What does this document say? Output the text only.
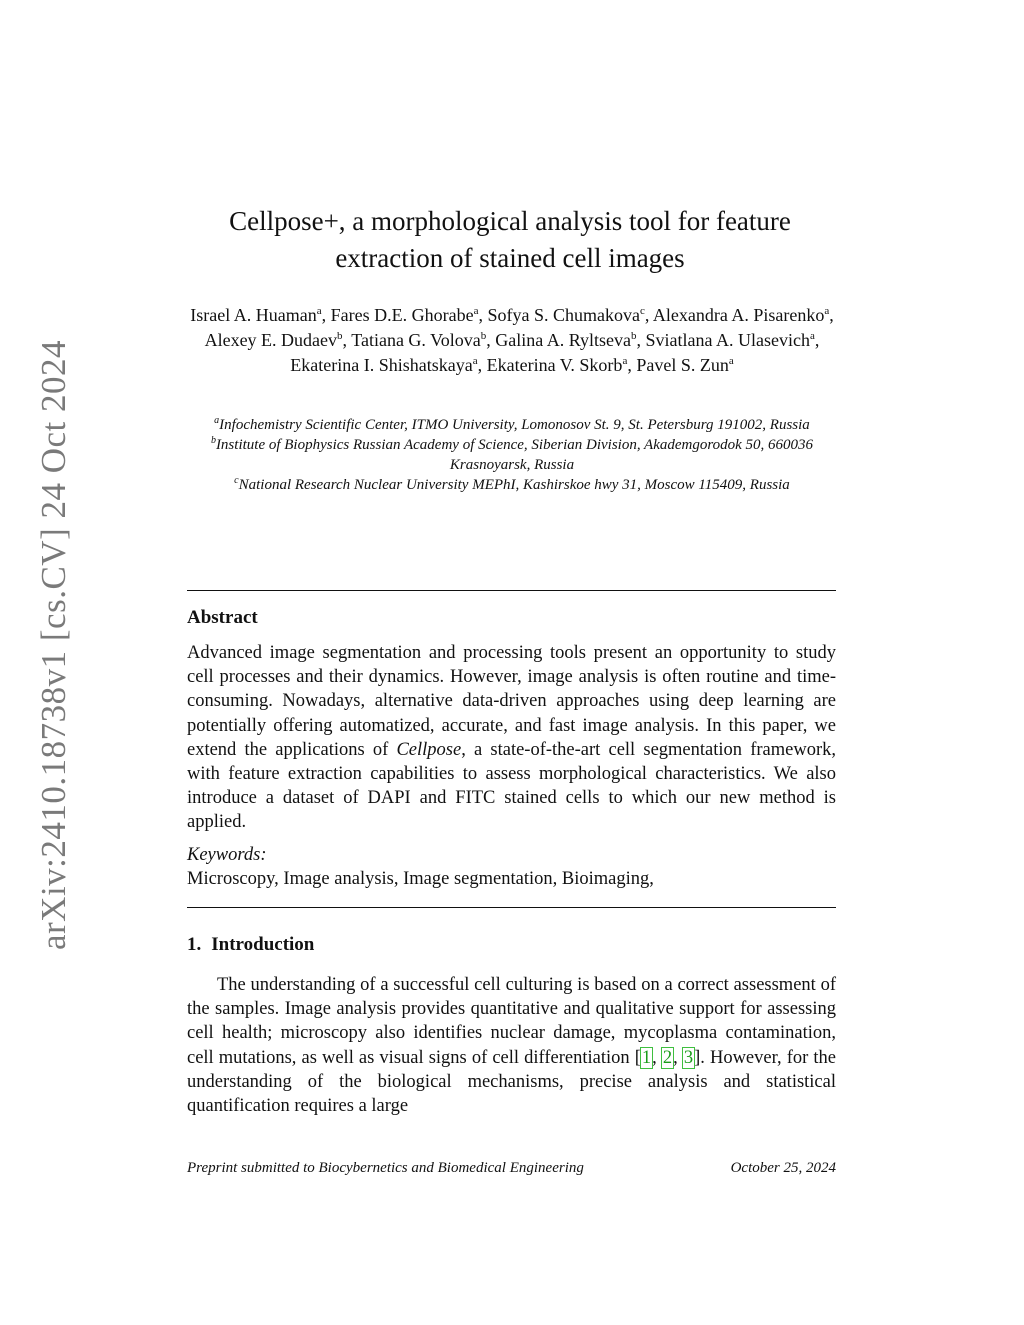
arXiv:2410.18738v1 [cs.CV] 24 Oct 2024
Cellpose+, a morphological analysis tool for feature
extraction of stained cell images
Israel A. Huaman$^a$, Fares D.E. Ghorabe$^a$, Sofya S. Chumakova$^c$, Alexandra A. Pisarenko$^a$, Alexey E. Dudaev$^b$, Tatiana G. Volova$^b$, Galina A. Ryltseva$^b$, Sviatlana A. Ulasevich$^a$, Ekaterina I. Shishatskaya$^a$, Ekaterina V. Skorb$^a$, Pavel S. Zun$^a$

$^a$Infochemistry Scientific Center, ITMO University, Lomonosov St. 9, St. Petersburg 191002, Russia

$^b$Institute of Biophysics Russian Academy of Science, Siberian Division, Akademgorodok 50, 660036 Krasnoyarsk, Russia

$^c$National Research Nuclear University MEPhI, Kashirskoe hwy 31, Moscow 115409, Russia

Abstract
Advanced image segmentation and processing tools present an opportunity to study cell processes and their dynamics. However, image analysis is often routine and time-consuming. Nowadays, alternative data-driven approaches using deep learning are potentially offering automatized, accurate, and fast image analysis. In this paper, we extend the applications of Cellpose, a state-of-the-art cell segmentation framework, with feature extraction capabilities to assess morphological characteristics. We also introduce a dataset of DAPI and FITC stained cells to which our new method is applied.
Keywords:
Microscopy, Image analysis, Image segmentation, Bioimaging,
1. Introduction
The understanding of a successful cell culturing is based on a correct assessment of the samples. Image analysis provides quantitative and qualitative support for assessing cell health; microscopy also identifies nuclear damage, mycoplasma contamination, cell mutations, as well as visual signs of cell differentiation [1, 2, 3]. However, for the understanding of the biological mechanisms, precise analysis and statistical quantification requires a large
Preprint submitted to Biocybernetics and Biomedical Engineering	October 25, 2024
